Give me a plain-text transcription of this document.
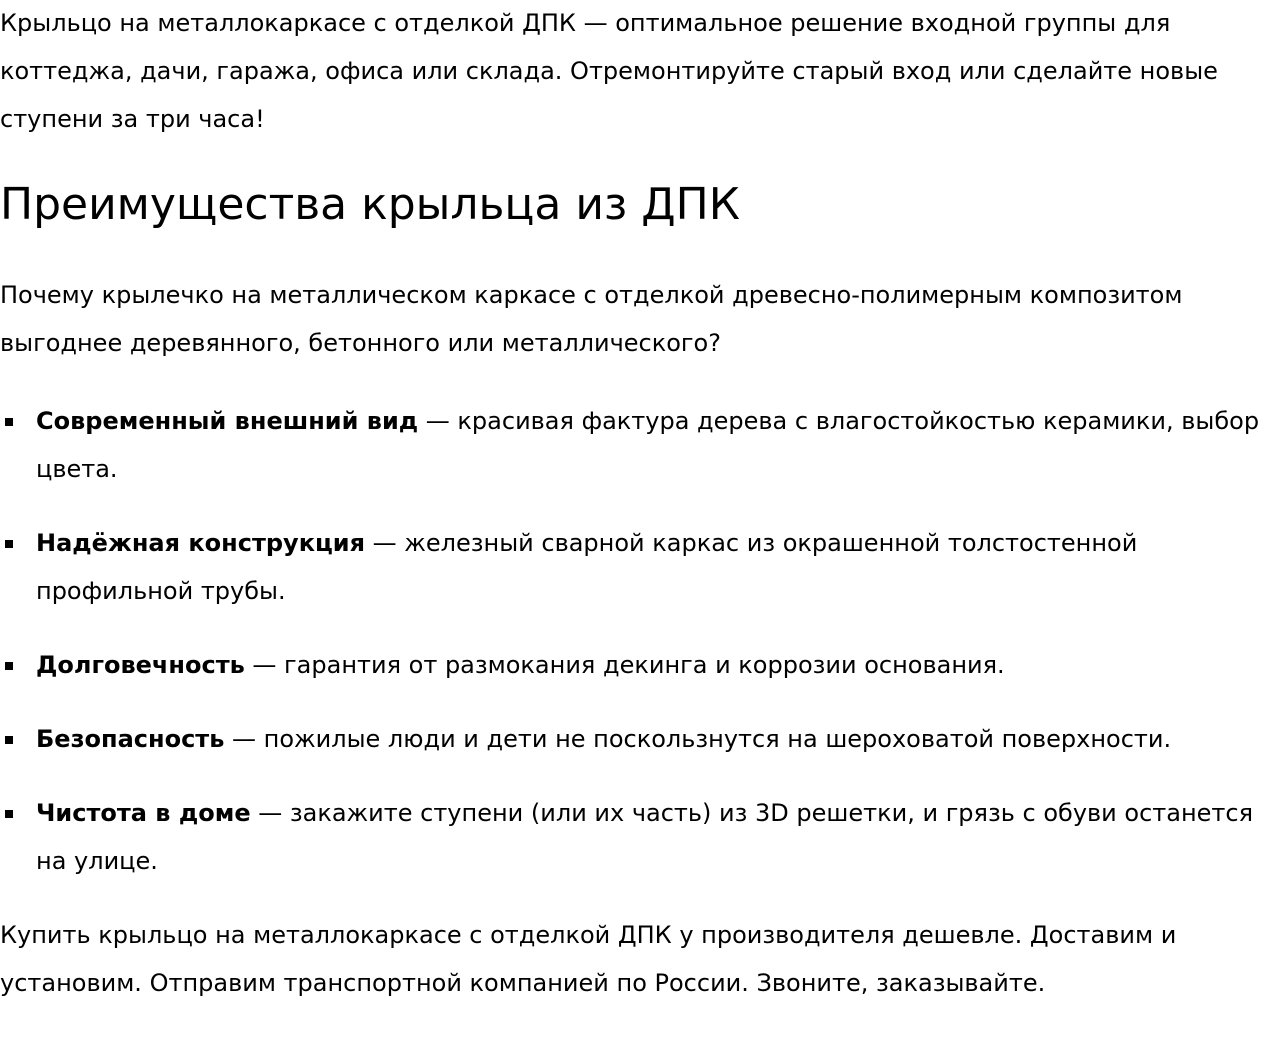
Крыльцо на металлокаркасе с отделкой ДПК — оптимальное решение входной группы для коттеджа, дачи, гаража, офиса или склада. Отремонтируйте старый вход или сделайте новые ступени за три часа!

Преимущества крыльца из ДПК

Почему крылечко на металлическом каркасе с отделкой древесно-полимерным композитом выгоднее деревянного, бетонного или металлического?

Современный внешний вид — красивая фактура дерева с влагостойкостью керамики, выбор цвета.
Надёжная конструкция — железный сварной каркас из окрашенной толстостенной профильной трубы.
Долговечность — гарантия от размокания декинга и коррозии основания.
Безопасность — пожилые люди и дети не поскользнутся на шероховатой поверхности.
Чистота в доме — закажите ступени (или их часть) из 3D решетки, и грязь с обуви останется на улице.

Купить крыльцо на металлокаркасе с отделкой ДПК у производителя дешевле. Доставим и установим. Отправим транспортной компанией по России. Звоните, заказывайте.
